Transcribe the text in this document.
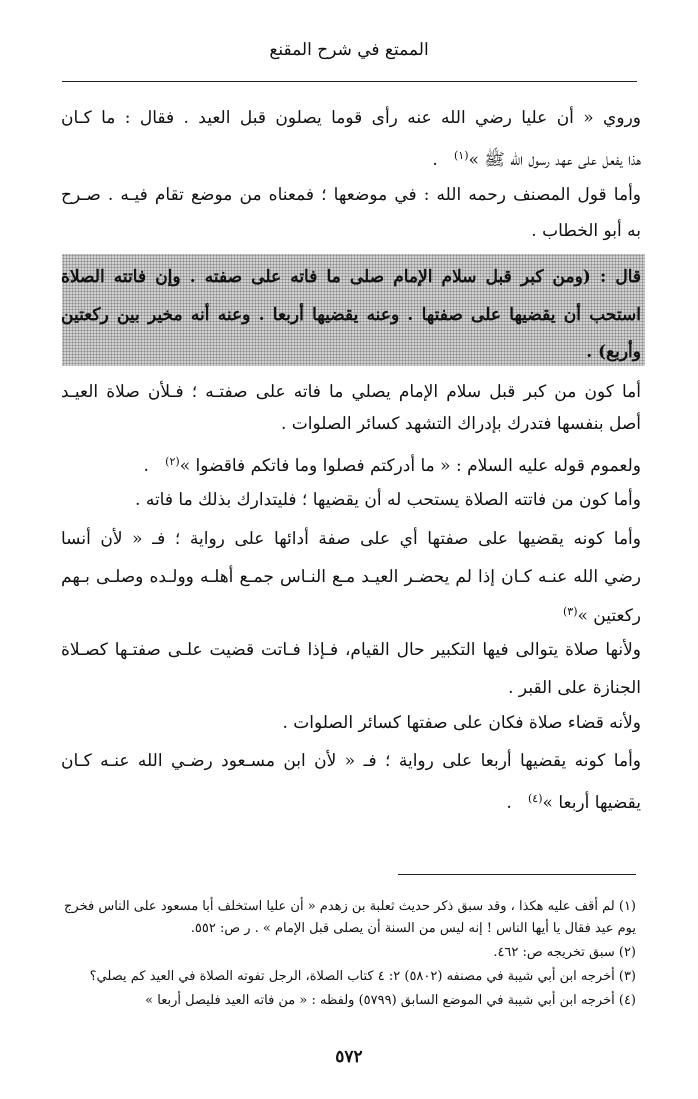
الممتع في شرح المقنع
وروي « أن عليا رضي الله عنه رأى قوما يصلون قبل العيد . فقال : ما كـان
هذا يفعل على عهد رسول الله ﷺ »$^{(١)}$   .
وأما قول المصنف رحمه الله : في موضعها ؛ فمعناه من موضع تقام فيـه . صـرح
به أبو الخطاب .
قال : (ومن كبر قبل سلام الإمام صلى ما فاته على صفته . وإن فاتته الصلاة
استحب أن يقضيها على صفتها . وعنه يقضيها أربعا . وعنه أنه مخير بين ركعتين
وأربع) .
أما كون من كبر قبل سلام الإمام يصلي ما فاته على صفتـه ؛ فـلأن صلاة العيـد
أصل بنفسها فتدرك بإدراك التشهد كسائر الصلوات .
ولعموم قوله عليه السلام : « ما أدركتم فصلوا وما فاتكم فاقضوا »$^{(٢)}$   .
وأما كون من فاتته الصلاة يستحب له أن يقضيها ؛ فليتدارك بذلك ما فاته .
وأما كونه يقضيها على صفتها أي على صفة أدائها على رواية ؛ فـ « لأن أنسا
رضي الله عنـه كـان إذا لم يحضـر العيـد مـع النـاس جمـع أهلـه وولـده وصلـى بـهم
ركعتين »$^{(٣)}$
ولأنها صلاة يتوالى فيها التكبير حال القيام، فـإذا فـاتت قضيت علـى صفتـها كصـلاة
الجنازة على القبر .
ولأنه قضاء صلاة فكان على صفتها كسائر الصلوات .
وأما كونه يقضيها أربعا على رواية ؛ فـ « لأن ابن مسـعود رضـي الله عنـه كـان
يقضيها أربعا »$^{(٤)}$   .
(١) لم أقف عليه هكذا ، وقد سبق ذكر حديث ثعلبة بن زهدم « أن عليا استخلف أبا مسعود على الناس فخرج
يوم عيد فقال يا أيها الناس ! إنه ليس من السنة أن يصلى قبل الإمام » . ر ص: ٥٥٢.
(٢) سبق تخريجه ص: ٤٦٢.
(٣) أخرجه ابن أبي شيبة في مصنفه (٥٨٠٢) ٢: ٤ كتاب الصلاة، الرجل تفوته الصلاة في العيد كم يصلي؟
(٤) أخرجه ابن أبي شيبة في الموضع السابق (٥٧٩٩) ولفظه : « من فاته العيد فليصل أربعا »
٥٧٢
